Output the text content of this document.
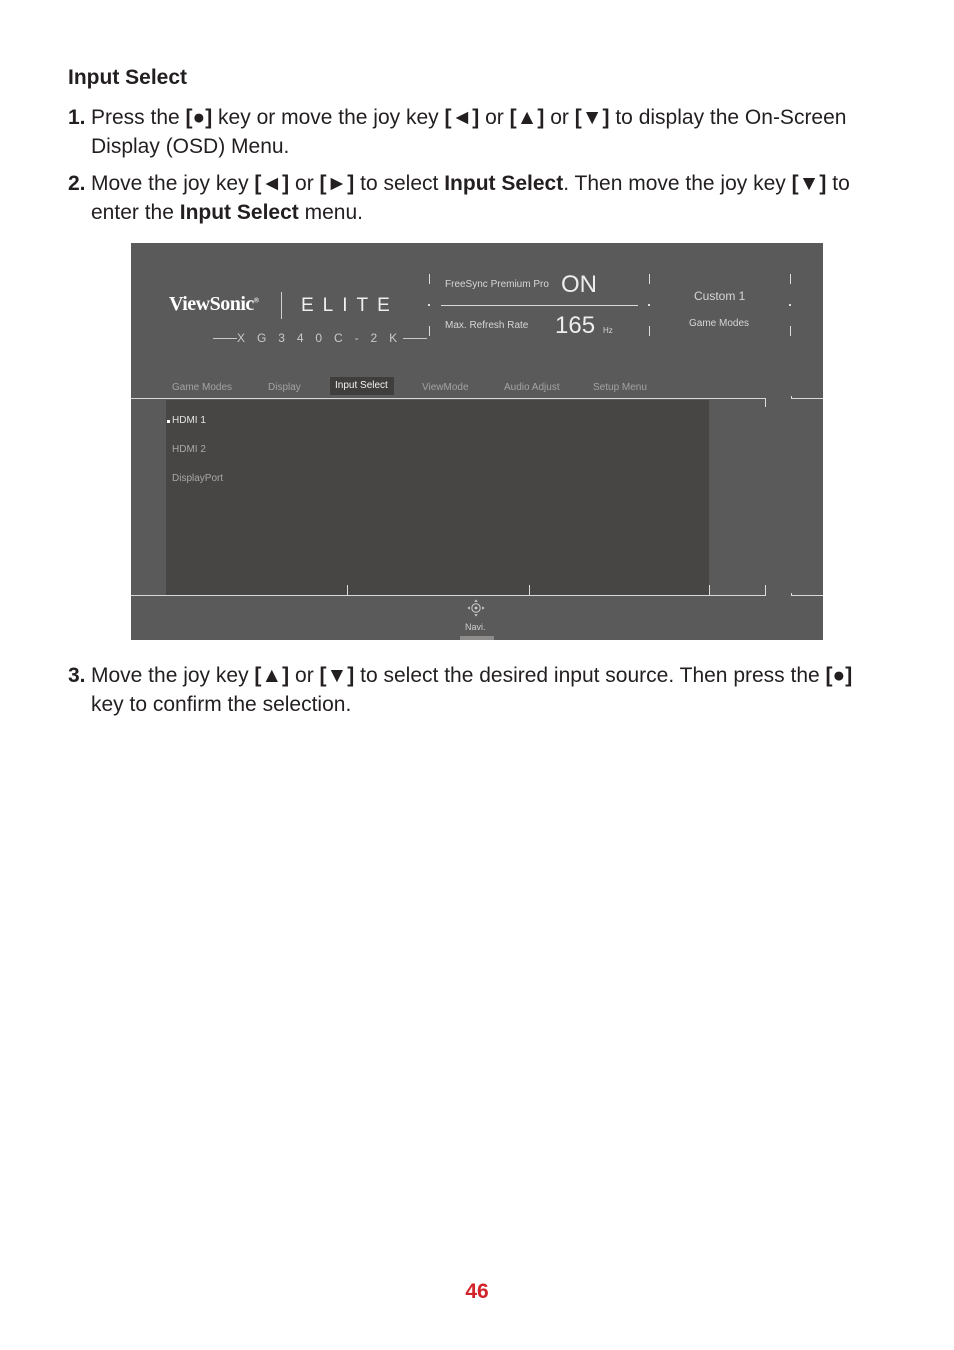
Input Select

1. Press the [●] key or move the joy key [◄] or [▲] or [▼] to display the On-Screen Display (OSD) Menu.

2. Move the joy key [◄] or [►] to select Input Select. Then move the joy key [▼] to enter the Input Select menu.

ViewSonic® ELITE
X G 3 4 0 C - 2 K
FreeSync Premium Pro ON
Max. Refresh Rate 165 Hz
Custom 1
Game Modes
Game Modes	Display	Input Select	ViewMode	Audio Adjust	Setup Menu
HDMI 1
HDMI 2
DisplayPort
Navi.

3. Move the joy key [▲] or [▼] to select the desired input source. Then press the [●] key to confirm the selection.

46
